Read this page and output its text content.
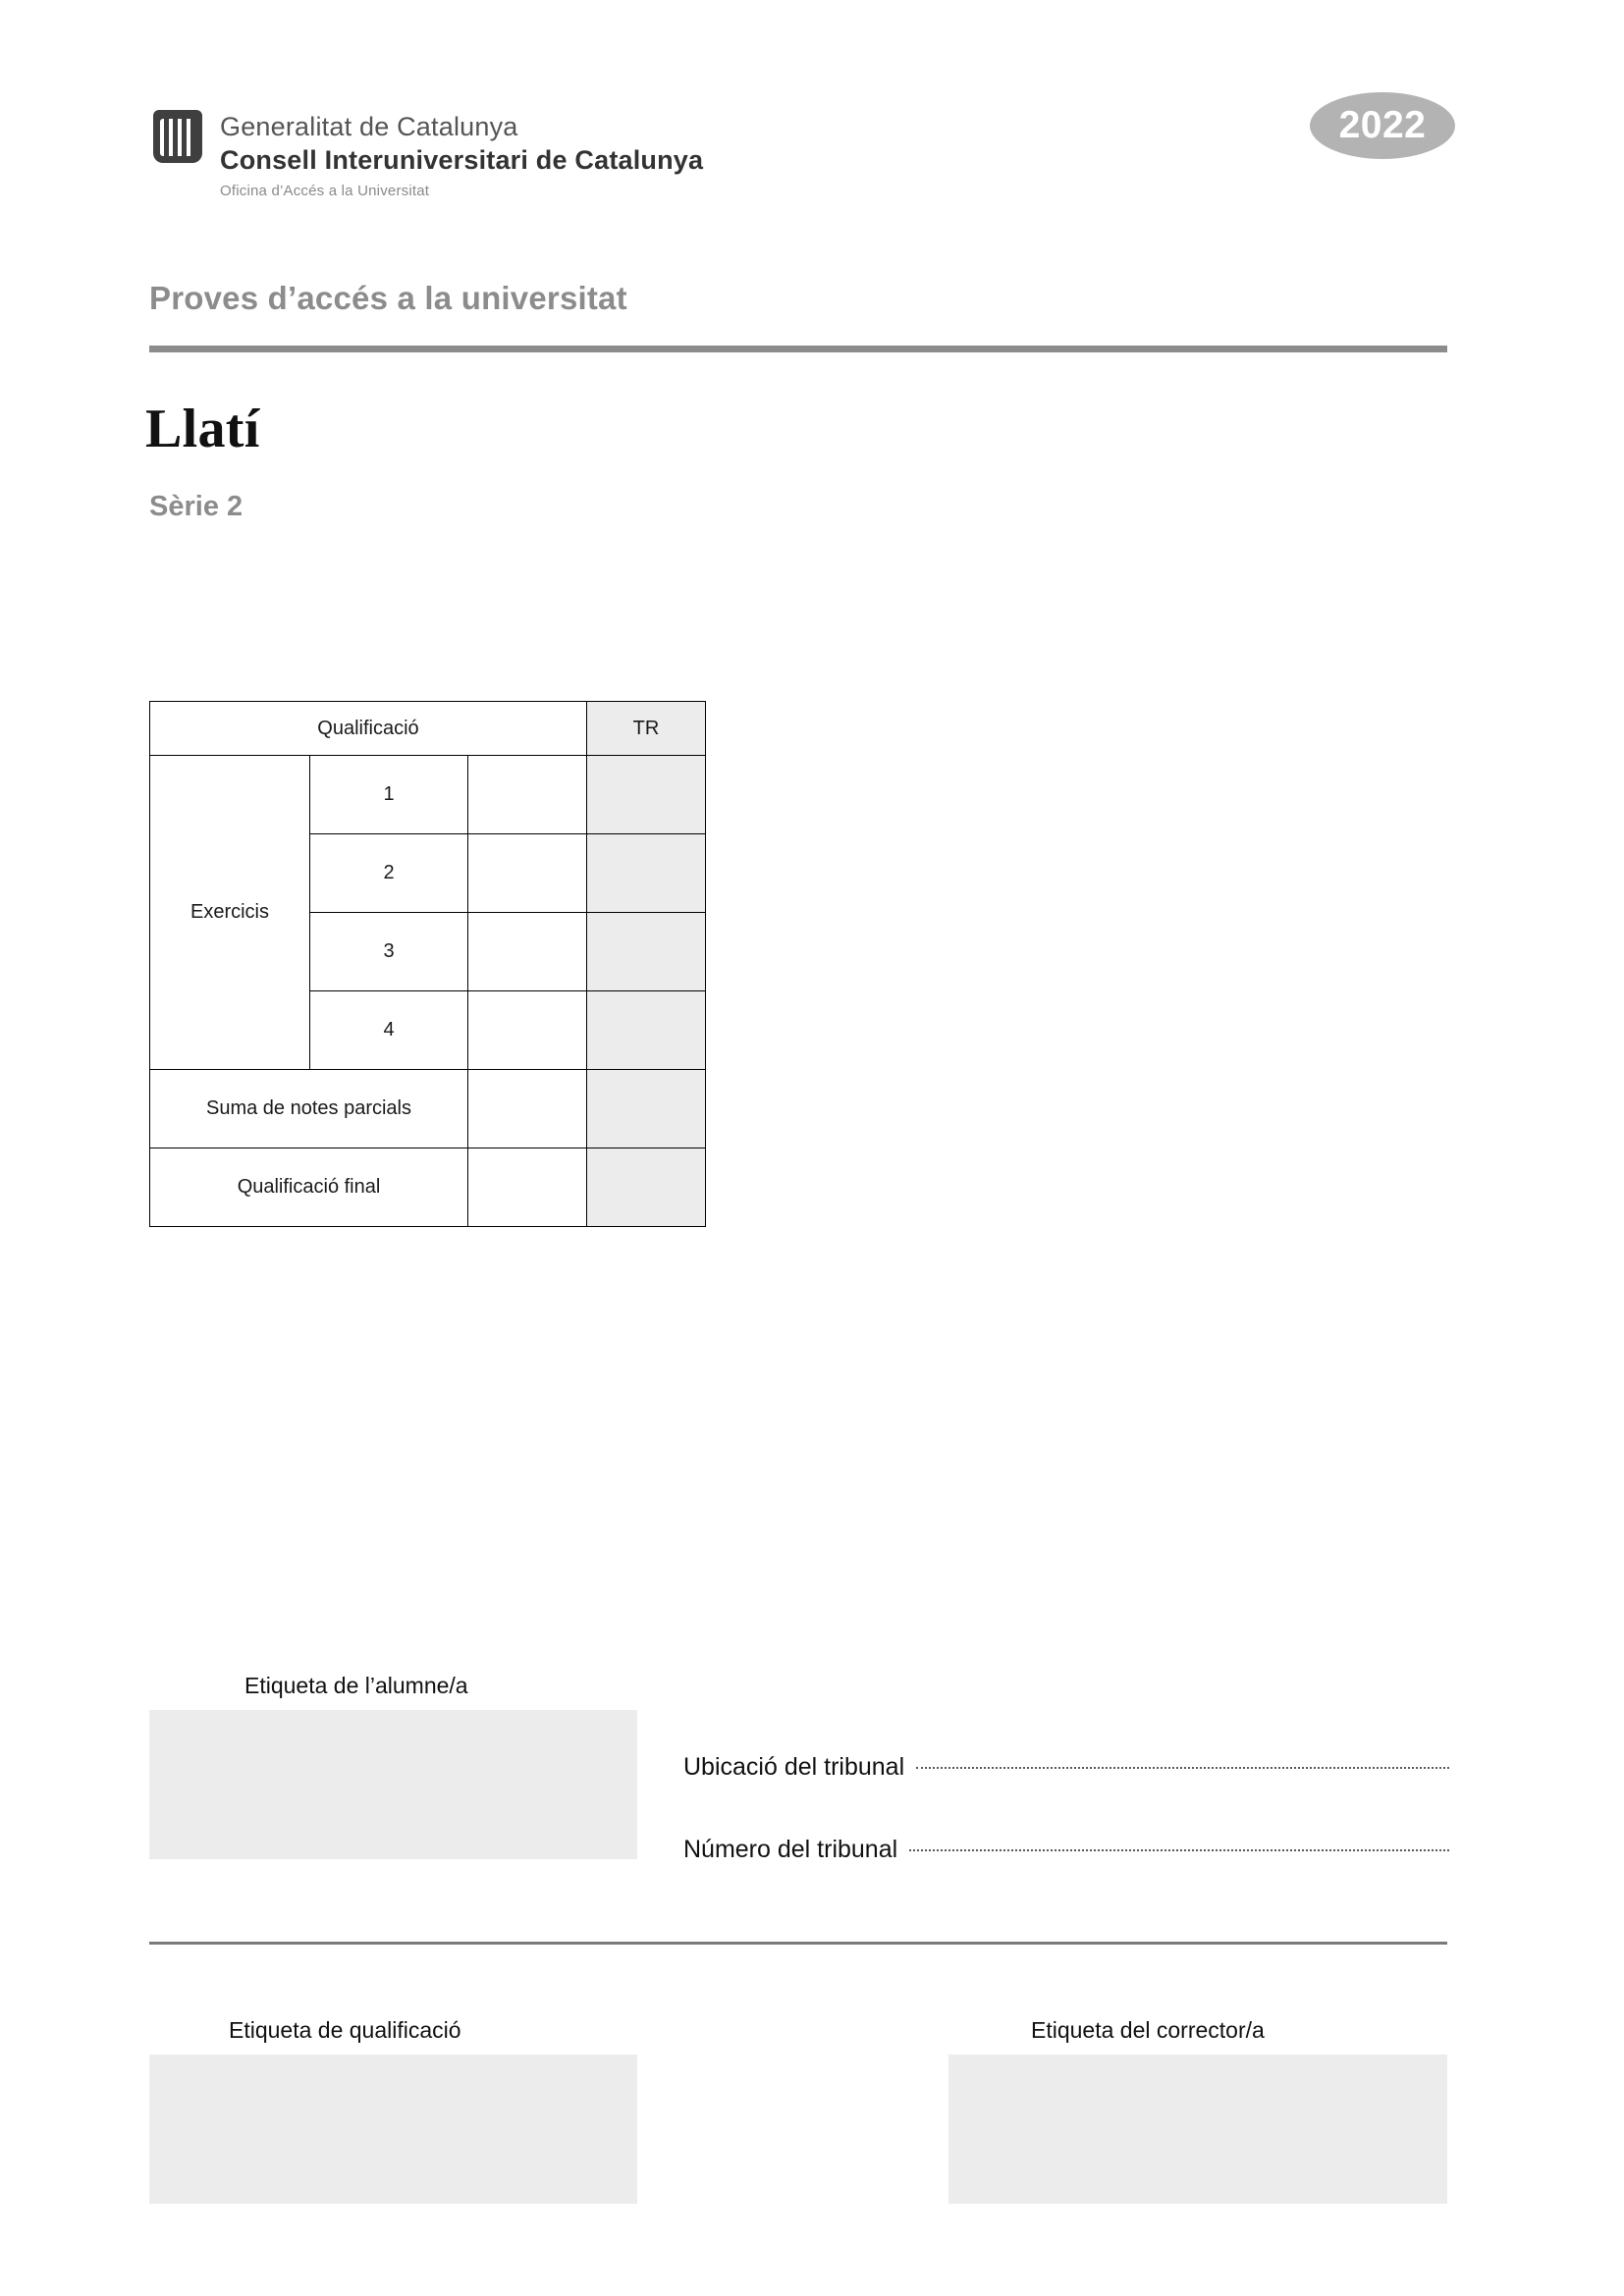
Generalitat de Catalunya
Consell Interuniversitari de Catalunya
Oficina d’Accés a la Universitat
2022
Proves d’accés a la universitat
Llatí
Sèrie 2
Qualificació			TR
Exercicis	1		
	2		
	3		
	4		
Suma de notes parcials			
Qualificació final			
Etiqueta de l’alumne/a
Ubicació del tribunal
Número del tribunal
Etiqueta de qualificació	Etiqueta del corrector/a
